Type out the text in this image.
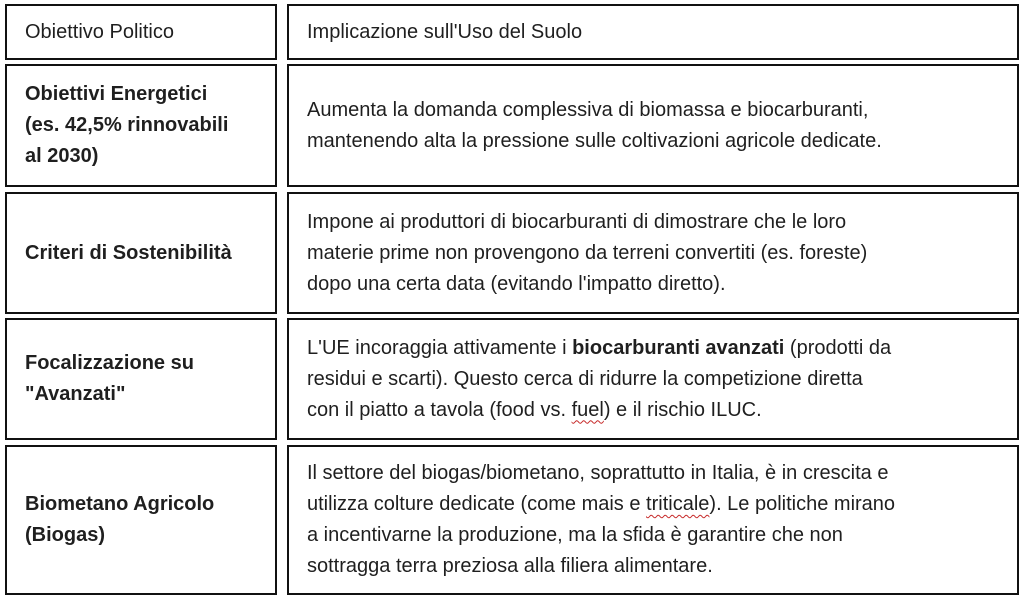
Obiettivo Politico	Implicazione sull'Uso del Suolo
Obiettivi Energetici
(es. 42,5% rinnovabili
al 2030)
Aumenta la domanda complessiva di biomassa e biocarburanti,
mantenendo alta la pressione sulle coltivazioni agricole dedicate.
Criteri di Sostenibilità
Impone ai produttori di biocarburanti di dimostrare che le loro
materie prime non provengono da terreni convertiti (es. foreste)
dopo una certa data (evitando l'impatto diretto).
Focalizzazione su
"Avanzati"
L'UE incoraggia attivamente i biocarburanti avanzati (prodotti da
residui e scarti). Questo cerca di ridurre la competizione diretta
con il piatto a tavola (food vs. fuel) e il rischio ILUC.
Biometano Agricolo
(Biogas)
Il settore del biogas/biometano, soprattutto in Italia, è in crescita e
utilizza colture dedicate (come mais e triticale). Le politiche mirano
a incentivarne la produzione, ma la sfida è garantire che non
sottragga terra preziosa alla filiera alimentare.
